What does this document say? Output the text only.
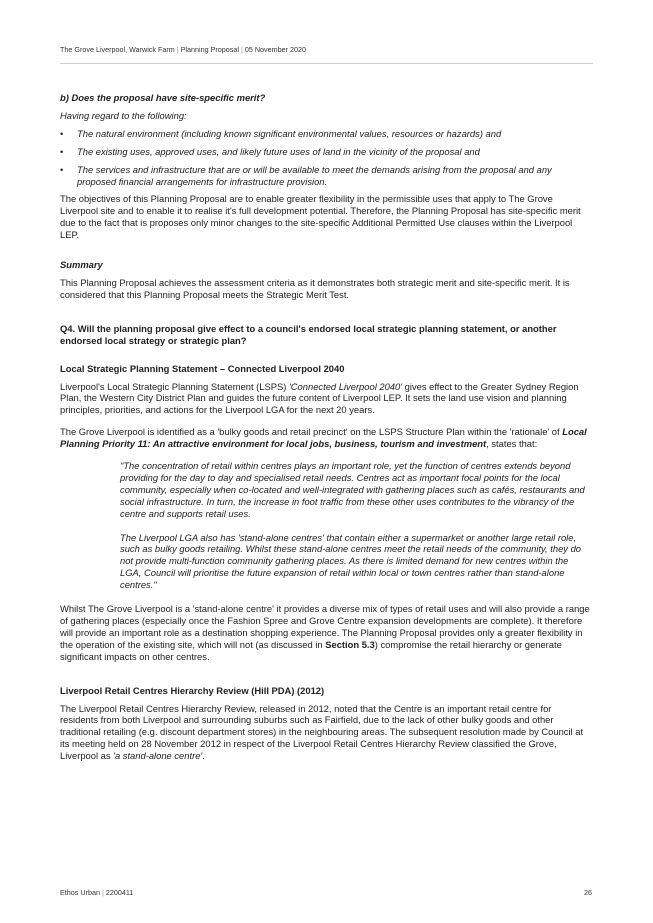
The Grove Liverpool, Warwick Farm | Planning Proposal | 05 November 2020

b) Does the proposal have site-specific merit?

Having regard to the following:

• The natural environment (including known significant environmental values, resources or hazards) and
• The existing uses, approved uses, and likely future uses of land in the vicinity of the proposal and
• The services and infrastructure that are or will be available to meet the demands arising from the proposal and any proposed financial arrangements for infrastructure provision.

The objectives of this Planning Proposal are to enable greater flexibility in the permissible uses that apply to The Grove Liverpool site and to enable it to realise it's full development potential. Therefore, the Planning Proposal has site-specific merit due to the fact that is proposes only minor changes to the site-specific Additional Permitted Use clauses within the Liverpool LEP.

Summary

This Planning Proposal achieves the assessment criteria as it demonstrates both strategic merit and site-specific merit. It is considered that this Planning Proposal meets the Strategic Merit Test.

Q4. Will the planning proposal give effect to a council's endorsed local strategic planning statement, or another endorsed local strategy or strategic plan?

Local Strategic Planning Statement – Connected Liverpool 2040

Liverpool's Local Strategic Planning Statement (LSPS) 'Connected Liverpool 2040' gives effect to the Greater Sydney Region Plan, the Western City District Plan and guides the future content of Liverpool LEP. It sets the land use vision and planning principles, priorities, and actions for the Liverpool LGA for the next 20 years.

The Grove Liverpool is identified as a 'bulky goods and retail precinct' on the LSPS Structure Plan within the 'rationale' of Local Planning Priority 11: An attractive environment for local jobs, business, tourism and investment, states that:

"The concentration of retail within centres plays an important role, yet the function of centres extends beyond providing for the day to day and specialised retail needs. Centres act as important focal points for the local community, especially when co-located and well-integrated with gathering places such as cafés, restaurants and social infrastructure. In turn, the increase in foot traffic from these other uses contributes to the vibrancy of the centre and supports retail uses.

The Liverpool LGA also has 'stand-alone centres' that contain either a supermarket or another large retail role, such as bulky goods retailing. Whilst these stand-alone centres meet the retail needs of the community, they do not provide multi-function community gathering places. As there is limited demand for new centres within the LGA, Council will prioritise the future expansion of retail within local or town centres rather than stand-alone centres."

Whilst The Grove Liverpool is a 'stand-alone centre' it provides a diverse mix of types of retail uses and will also provide a range of gathering places (especially once the Fashion Spree and Grove Centre expansion developments are complete). It therefore will provide an important role as a destination shopping experience. The Planning Proposal provides only a greater flexibility in the operation of the existing site, which will not (as discussed in Section 5.3) compromise the retail hierarchy or generate significant impacts on other centres.

Liverpool Retail Centres Hierarchy Review (Hill PDA) (2012)

The Liverpool Retail Centres Hierarchy Review, released in 2012, noted that the Centre is an important retail centre for residents from both Liverpool and surrounding suburbs such as Fairfield, due to the lack of other bulky goods and other traditional retailing (e.g. discount department stores) in the neighbouring areas. The subsequent resolution made by Council at its meeting held on 28 November 2012 in respect of the Liverpool Retail Centres Hierarchy Review classified the Grove, Liverpool as 'a stand-alone centre'.

Ethos Urban | 2200411	26
